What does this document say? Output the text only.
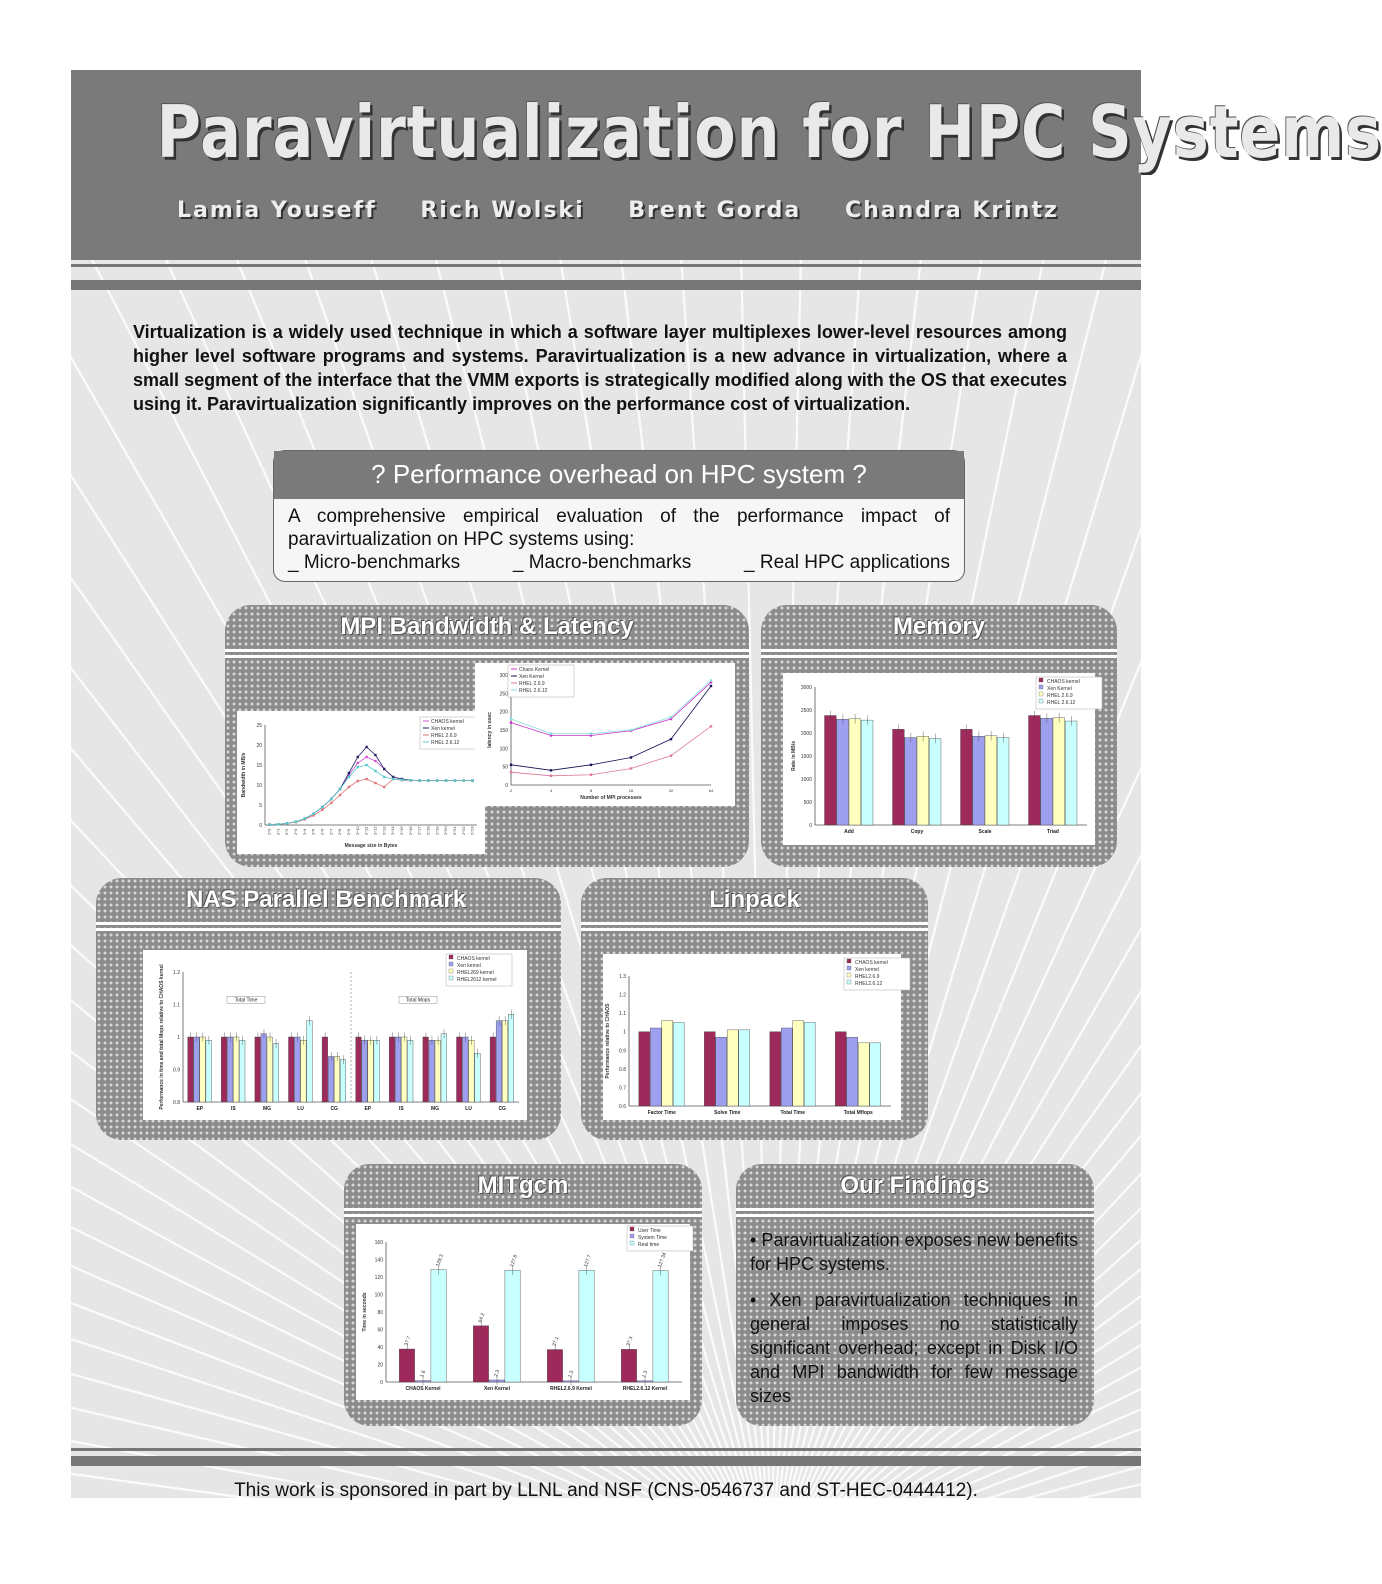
Paravirtualization for HPC Systems
Lamia Youseff Rich Wolski Brent Gorda Chandra Krintz
Virtualization is a widely used technique in which a software layer multiplexes lower-level resources among higher level software programs and systems. Paravirtualization is a new advance in virtualization, where a small segment of the interface that the VMM exports is strategically modified along with the OS that executes using it. Paravirtualization significantly improves on the performance cost of virtualization.
? Performance overhead on HPC system ?
A comprehensive empirical evaluation of the performance impact of paravirtualization on HPC systems using:
_ Micro-benchmarks	_ Macro-benchmarks	_ Real HPC applications
MPI Bandwidth & Latency
0
5
10
15
20
25
Bandwidth in MB/s
2^0 2^1 2^2 2^3 2^4 2^5 2^6 2^7 2^8 2^9 2^10 2^11 2^12 2^13 2^14 2^15 2^16 2^17 2^18 2^19 2^20 2^21 2^22 2^23
Message size in Bytes
CHAOS kernel
Xen kernel
RHEL 2.6.9
RHEL 2.6.12
0
50
100
150
200
250
300
latency in usec
2	4	8	16	32	64
Number of MPI processes
Chaos Kernel
Xen Kernel
RHEL 2.6.9
RHEL 2.6.12
Memory
0
500
1000
1500
2000
2500
3000
Rate in MB/s
Add	Copy	Scale	Triad
CHAOS kernel
Xen Kernel
RHEL 2.6.9
RHEL 2.6.12
NAS Parallel Benchmark
0.8
0.9
1
1.1
1.2
Performance in time and total Mops relative to CHAOS kernel	EP	IS	MG	LU	CG	EP	IS	MG	LU	CG
Total Time	Total Mops
CHAOS kernel
Xen kernel
RHEL269 kernel
RHEL2612 kernel
Linpack
0.6
0.7
0.8
0.9
1
1.1
1.2
1.3
Performance relative to CHAOS
Factor Time	Solve Time	Total Time	Total Mflops
CHAOS kernel
Xen kernel
RHEL2.6.9
RHEL2.6.12
MITgcm
0
20
40
60
80
100
120
140
160
Time in seconds
37.7
1.6
128.3
CHAOS Kernel
64.2
2.3
127.8
Xen Kernel
37.1
1.3
127.7
RHEL2.6.9 Kernel
37.3
1.3
127.34
RHEL2.6.12 Kernel
User Time
System Time
Real time
Our Findings

• Paravirtualization exposes new benefits for HPC systems.

• Xen paravirtualization techniques in general imposes no statistically significant overhead; except in Disk I/O and MPI bandwidth for few message sizes

This work is sponsored in part by LLNL and NSF (CNS-0546737 and ST-HEC-0444412).
